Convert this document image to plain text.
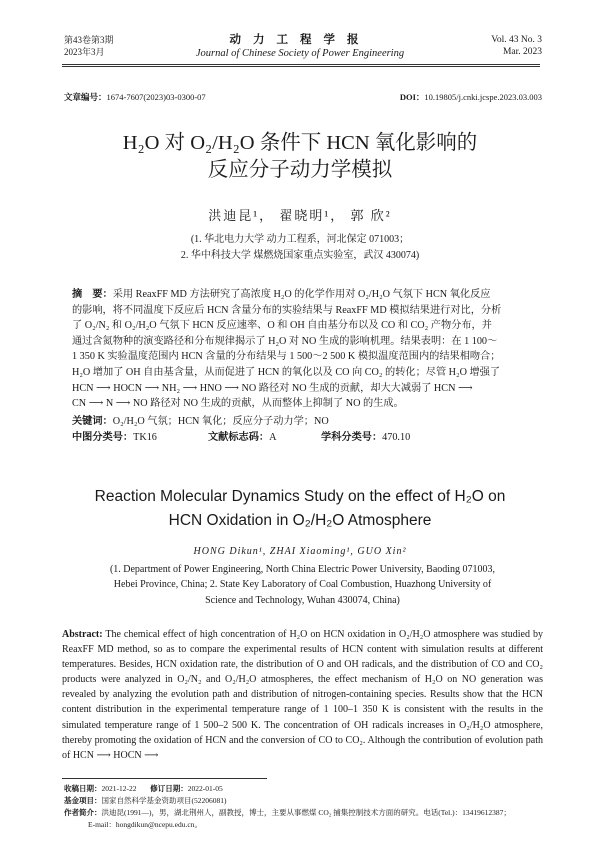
第43卷第3期
2023年3月
动力工程学报
Journal of Chinese Society of Power Engineering
Vol. 43 No. 3
Mar. 2023
文章编号：1674-7607(2023)03-0300-07	DOI：10.19805/j.cnki.jcspe.2023.03.003
H₂O 对 O₂/H₂O 条件下 HCN 氧化影响的
反应分子动力学模拟
洪迪昆¹， 翟晓明¹， 郭 欣²
(1. 华北电力大学 动力工程系，河北保定 071003；
2. 华中科技大学 煤燃烧国家重点实验室，武汉 430074)
摘　要：采用 ReaxFF MD 方法研究了高浓度 H₂O 的化学作用对 O₂/H₂O 气氛下 HCN 氧化反应
的影响，将不同温度下反应后 HCN 含量分布的实验结果与 ReaxFF MD 模拟结果进行对比，分析
了 O₂/N₂ 和 O₂/H₂O 气氛下 HCN 反应速率、O 和 OH 自由基分布以及 CO 和 CO₂ 产物分布，并
通过含氮物种的演变路径和分布规律揭示了 H₂O 对 NO 生成的影响机理。结果表明：在 1 100～
1 350 K 实验温度范围内 HCN 含量的分布结果与 1 500～2 500 K 模拟温度范围内的结果相吻合；
H₂O 增加了 OH 自由基含量，从而促进了 HCN 的氧化以及 CO 向 CO₂ 的转化；尽管 H₂O 增强了
HCN ⟶ HOCN ⟶ NH₂ ⟶ HNO ⟶ NO 路径对 NO 生成的贡献，却大大减弱了 HCN ⟶
CN ⟶ N ⟶ NO 路径对 NO 生成的贡献，从而整体上抑制了 NO 的生成。
关键词：O₂/H₂O 气氛；HCN 氧化；反应分子动力学；NO
中图分类号：TK16	文献标志码：A	学科分类号：470.10
Reaction Molecular Dynamics Study on the effect of H₂O on
HCN Oxidation in O₂/H₂O Atmosphere
HONG Dikun¹, ZHAI Xiaoming¹, GUO Xin²
(1. Department of Power Engineering, North China Electric Power University, Baoding 071003,
Hebei Province, China; 2. State Key Laboratory of Coal Combustion, Huazhong University of
Science and Technology, Wuhan 430074, China)
Abstract: The chemical effect of high concentration of H₂O on HCN oxidation in O₂/H₂O atmosphere was studied by ReaxFF MD method, so as to compare the experimental results of HCN content with simulation results at different temperatures. Besides, HCN oxidation rate, the distribution of O and OH radicals, and the distribution of CO and CO₂ products were analyzed in O₂/N₂ and O₂/H₂O atmospheres, the effect mechanism of H₂O on NO generation was revealed by analyzing the evolution path and distribution of nitrogen-containing species. Results show that the HCN content distribution in the experimental temperature range of 1 100–1 350 K is consistent with the results in the simulated temperature range of 1 500–2 500 K. The concentration of OH radicals increases in O₂/H₂O atmosphere, thereby promoting the oxidation of HCN and the conversion of CO to CO₂. Although the contribution of evolution path of HCN ⟶ HOCN ⟶
收稿日期：2021-12-22 修订日期：2022-01-05
基金项目：国家自然科学基金资助项目(52206081)
作者简介：洪迪昆(1991—)，男，湖北荆州人，副教授，博士，主要从事燃煤 CO₂ 捕集控制技术方面的研究。电话(Tel.)：13419612387；
E-mail：hongdikun@ncepu.edu.cn。
